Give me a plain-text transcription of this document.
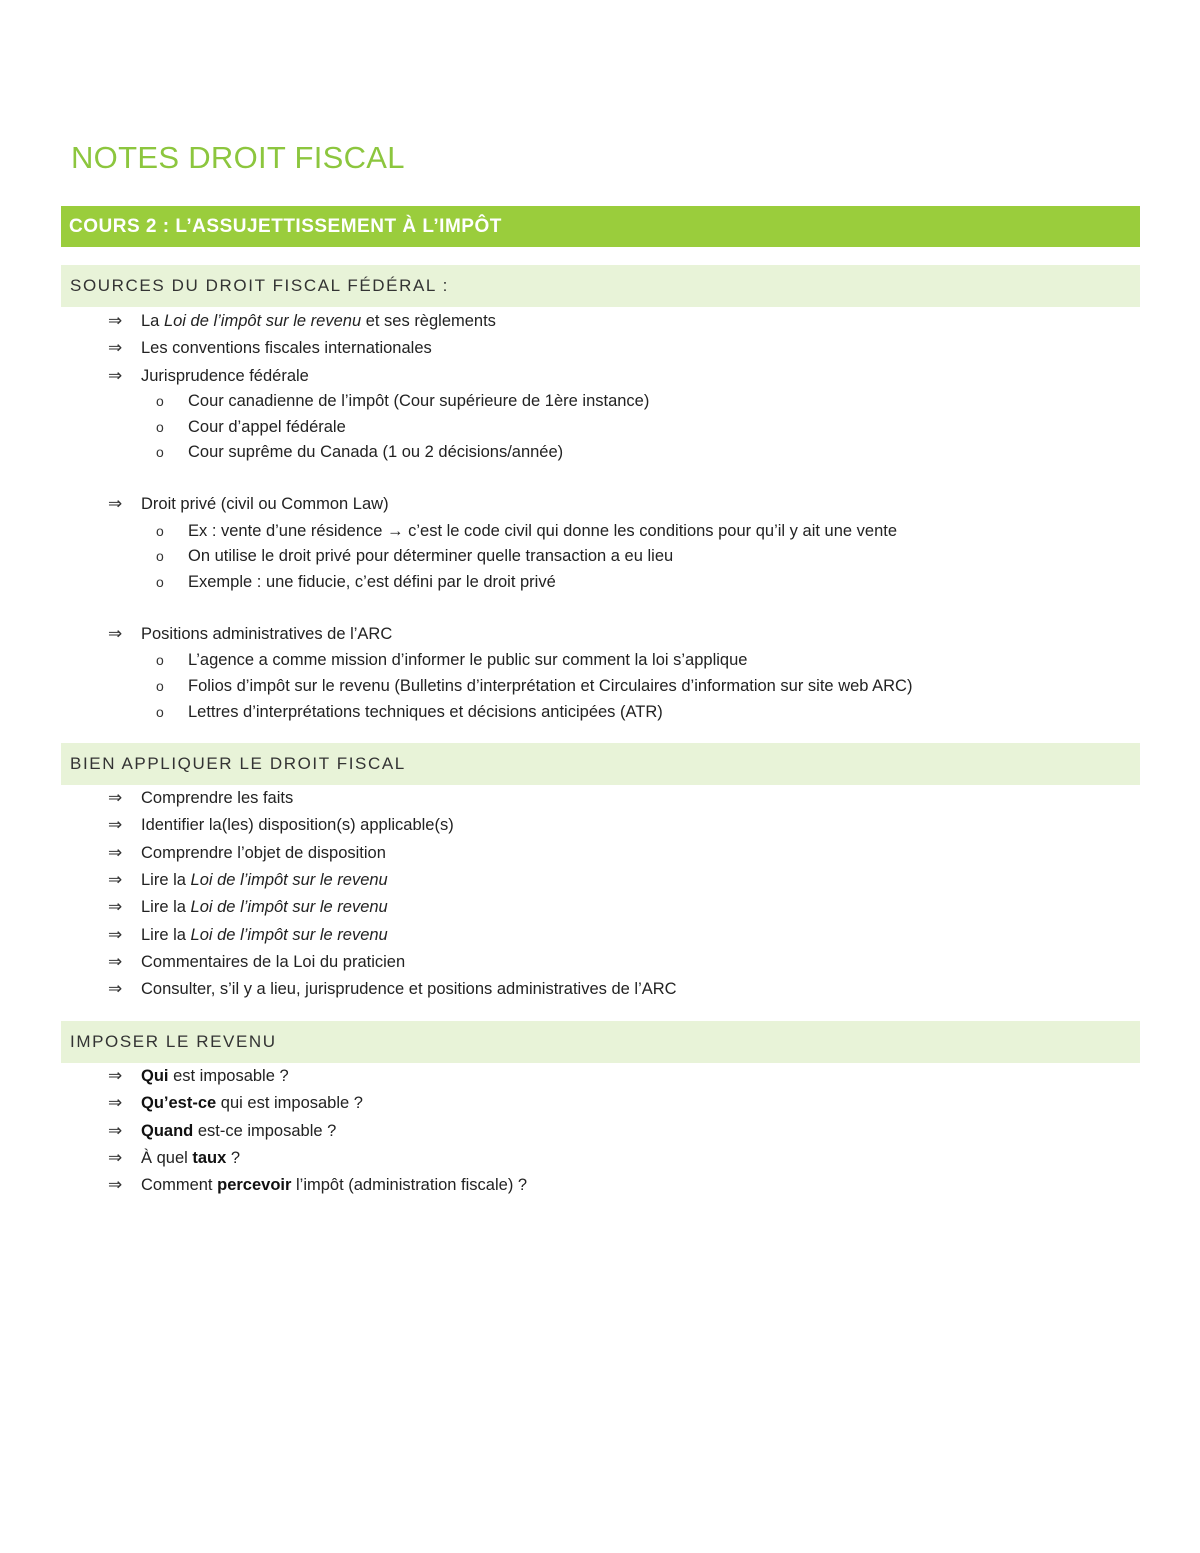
NOTES DROIT FISCAL
COURS 2 : L’ASSUJETTISSEMENT À L’IMPÔT
SOURCES DU DROIT FISCAL FÉDÉRAL :
⇒	La Loi de l’impôt sur le revenu et ses règlements
⇒	Les conventions fiscales internationales
⇒	Jurisprudence fédérale
o	Cour canadienne de l’impôt (Cour supérieure de 1ère instance)
o	Cour d’appel fédérale
o	Cour suprême du Canada (1 ou 2 décisions/année)
⇒	Droit privé (civil ou Common Law)
o	Ex : vente d’une résidence → c’est le code civil qui donne les conditions pour qu’il y ait une vente
o	On utilise le droit privé pour déterminer quelle transaction a eu lieu
o	Exemple : une fiducie, c’est défini par le droit privé
⇒	Positions administratives de l’ARC
o	L’agence a comme mission d’informer le public sur comment la loi s’applique
o	Folios d’impôt sur le revenu (Bulletins d’interprétation et Circulaires d’information sur site web ARC)
o	Lettres d’interprétations techniques et décisions anticipées (ATR)
BIEN APPLIQUER LE DROIT FISCAL
⇒	Comprendre les faits
⇒	Identifier la(les) disposition(s) applicable(s)
⇒	Comprendre l’objet de disposition
⇒	Lire la Loi de l’impôt sur le revenu
⇒	Lire la Loi de l’impôt sur le revenu
⇒	Lire la Loi de l’impôt sur le revenu
⇒	Commentaires de la Loi du praticien
⇒	Consulter, s’il y a lieu, jurisprudence et positions administratives de l’ARC
IMPOSER LE REVENU
⇒	Qui est imposable ?
⇒	Qu’est-ce qui est imposable ?
⇒	Quand est-ce imposable ?
⇒	À quel taux ?
⇒	Comment percevoir l’impôt (administration fiscale) ?
